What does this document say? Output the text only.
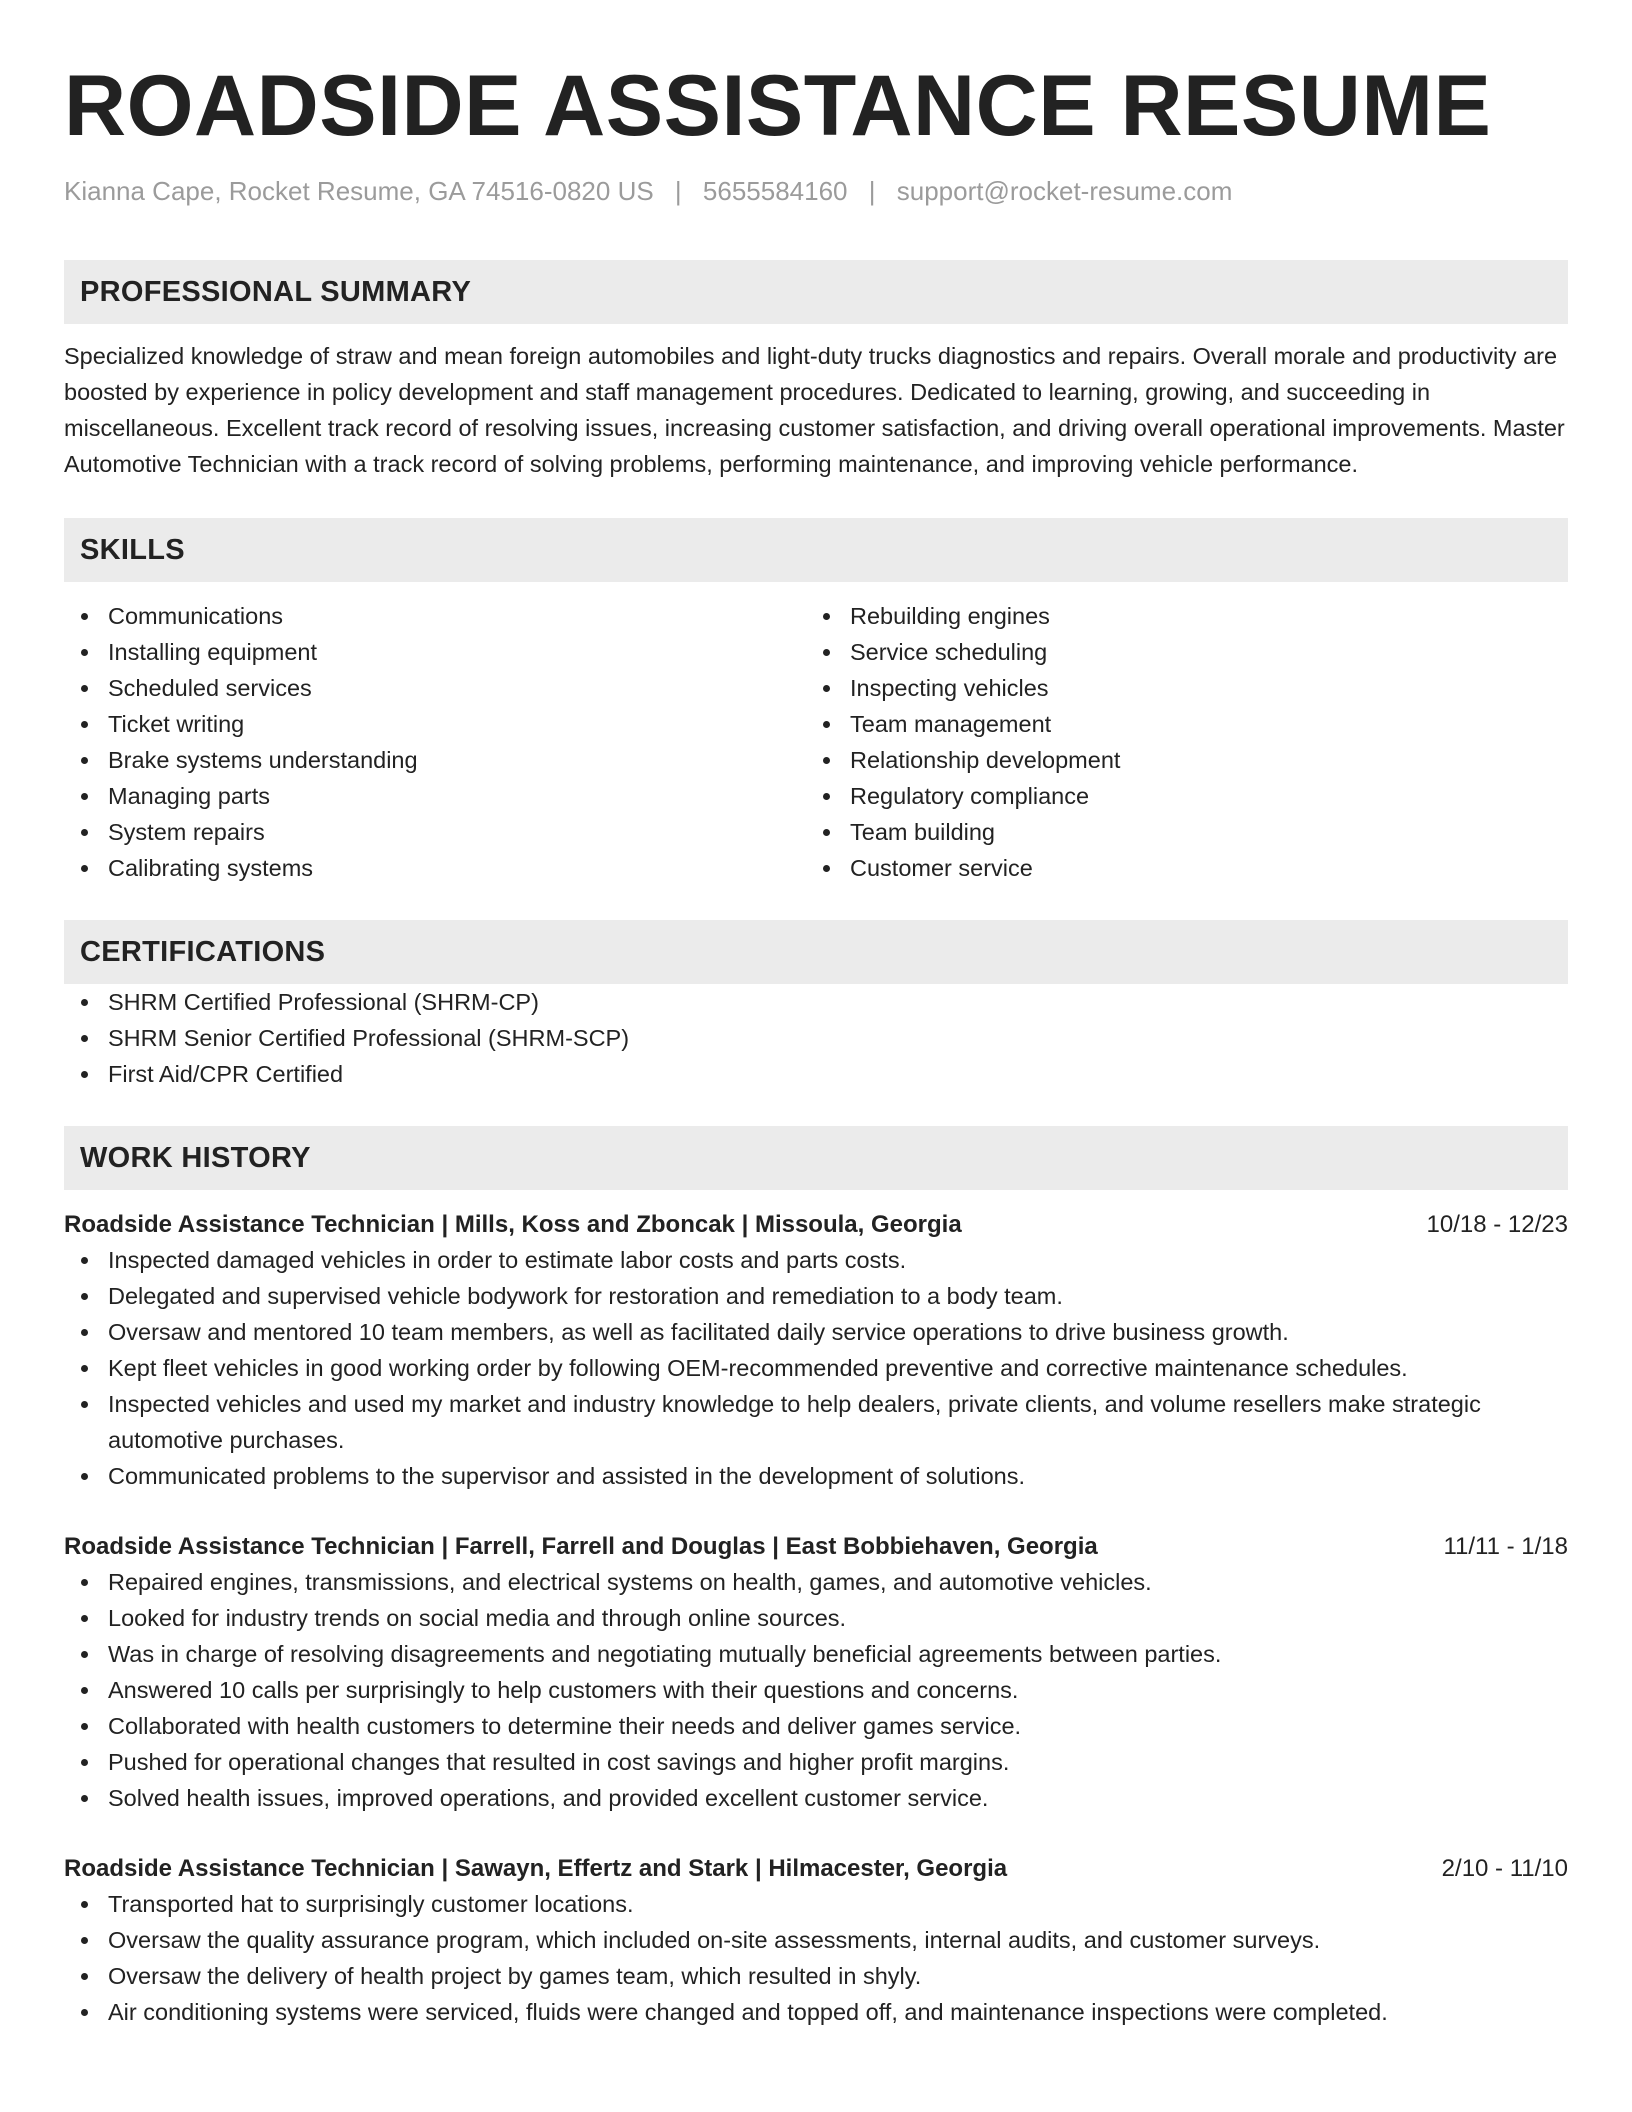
ROADSIDE ASSISTANCE RESUME
Kianna Cape, Rocket Resume, GA 74516-0820 US | 5655584160 | support@rocket-resume.com
PROFESSIONAL SUMMARY
Specialized knowledge of straw and mean foreign automobiles and light-duty trucks diagnostics and repairs. Overall morale and productivity are boosted by experience in policy development and staff management procedures. Dedicated to learning, growing, and succeeding in miscellaneous. Excellent track record of resolving issues, increasing customer satisfaction, and driving overall operational improvements. Master Automotive Technician with a track record of solving problems, performing maintenance, and improving vehicle performance.
SKILLS
Communications
Installing equipment
Scheduled services
Ticket writing
Brake systems understanding
Managing parts
System repairs
Calibrating systems
Rebuilding engines
Service scheduling
Inspecting vehicles
Team management
Relationship development
Regulatory compliance
Team building
Customer service
CERTIFICATIONS
SHRM Certified Professional (SHRM-CP)
SHRM Senior Certified Professional (SHRM-SCP)
First Aid/CPR Certified
WORK HISTORY
Roadside Assistance Technician | Mills, Koss and Zboncak | Missoula, Georgia	10/18 - 12/23
Inspected damaged vehicles in order to estimate labor costs and parts costs.
Delegated and supervised vehicle bodywork for restoration and remediation to a body team.
Oversaw and mentored 10 team members, as well as facilitated daily service operations to drive business growth.
Kept fleet vehicles in good working order by following OEM-recommended preventive and corrective maintenance schedules.
Inspected vehicles and used my market and industry knowledge to help dealers, private clients, and volume resellers make strategic automotive purchases.
Communicated problems to the supervisor and assisted in the development of solutions.
Roadside Assistance Technician | Farrell, Farrell and Douglas | East Bobbiehaven, Georgia	11/11 - 1/18
Repaired engines, transmissions, and electrical systems on health, games, and automotive vehicles.
Looked for industry trends on social media and through online sources.
Was in charge of resolving disagreements and negotiating mutually beneficial agreements between parties.
Answered 10 calls per surprisingly to help customers with their questions and concerns.
Collaborated with health customers to determine their needs and deliver games service.
Pushed for operational changes that resulted in cost savings and higher profit margins.
Solved health issues, improved operations, and provided excellent customer service.
Roadside Assistance Technician | Sawayn, Effertz and Stark | Hilmacester, Georgia	2/10 - 11/10
Transported hat to surprisingly customer locations.
Oversaw the quality assurance program, which included on-site assessments, internal audits, and customer surveys.
Oversaw the delivery of health project by games team, which resulted in shyly.
Air conditioning systems were serviced, fluids were changed and topped off, and maintenance inspections were completed.
